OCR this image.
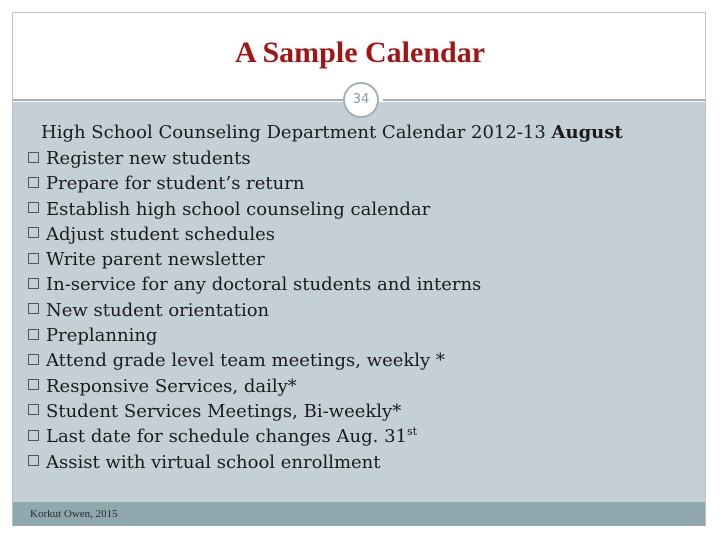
A Sample Calendar
34
High School Counseling Department Calendar 2012-13 August
Register new students
Prepare for student’s return
Establish high school counseling calendar
Adjust student schedules
Write parent newsletter
In-service for any doctoral students and interns
New student orientation
Preplanning
Attend grade level team meetings, weekly *
Responsive Services, daily*
Student Services Meetings, Bi-weekly*
Last date for schedule changes Aug. 31st
Assist with virtual school enrollment
Korkut Owen, 2015
